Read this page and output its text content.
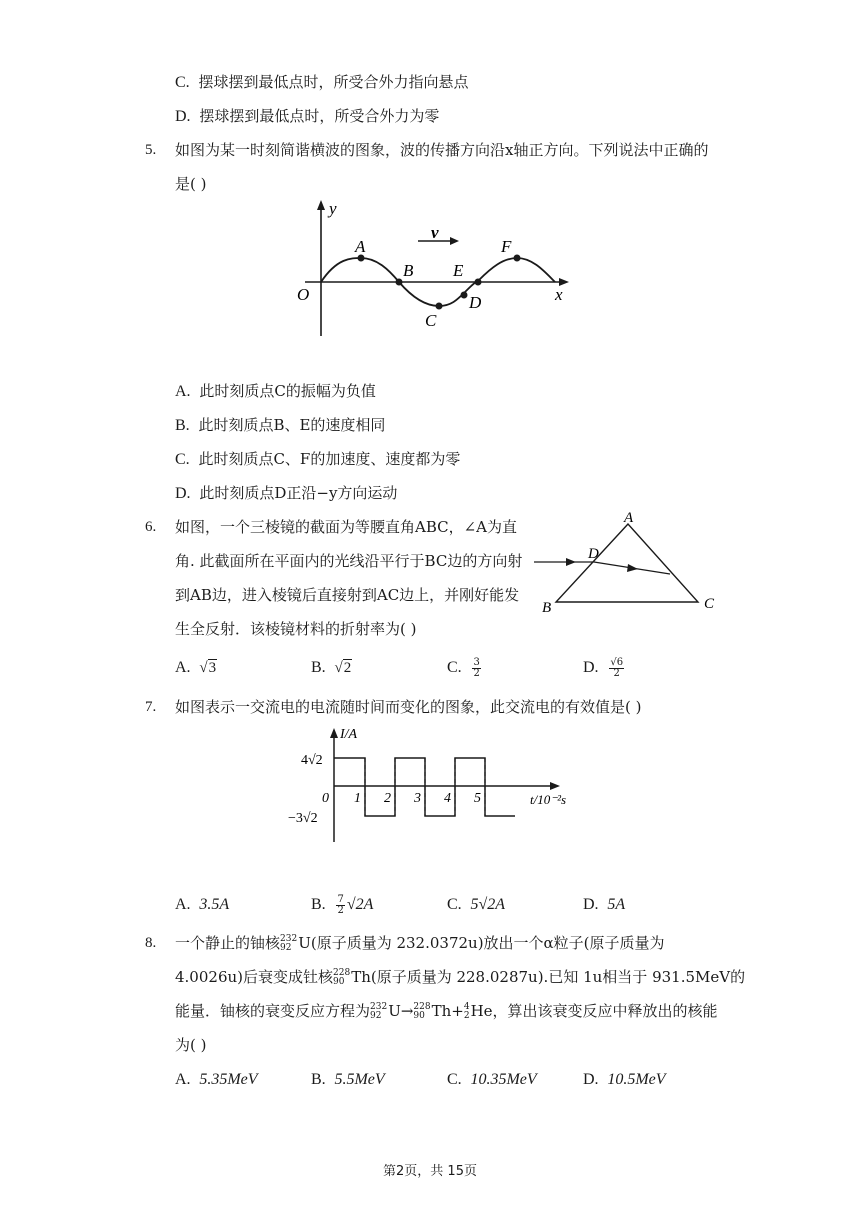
C. 摆球摆到最低点时，所受合外力指向悬点
D. 摆球摆到最低点时，所受合外力为零
5. 如图为某一时刻简谐横波的图象，波的传播方向沿x轴正方向。下列说法中正确的
是( )
y
x
O
v
A
B
C
D
E
F
A. 此时刻质点C的振幅为负值
B. 此时刻质点B、E的速度相同
C. 此时刻质点C、F的加速度、速度都为零
D. 此时刻质点D正沿−y方向运动
6. 如图，一个三棱镜的截面为等腰直角ABC，∠A为直
角. 此截面所在平面内的光线沿平行于BC边的方向射
到AB边，进入棱镜后直接射到AC边上，并刚好能发
生全反射．该棱镜材料的折射率为( )
A
B	C
D
A. √3	B. √2	C. $\frac{3}{2}$	D. $\frac{√6}{2}$
7. 如图表示一交流电的电流随时间而变化的图象，此交流电的有效值是( )
I/A
t/10⁻²s
0 1 2 3 4 5
4√2
−3√2
A. 3.5A	B. $\frac{7}{2} √2A$	C. 5√2A	D. 5A
8. 一个静止的铀核 232
92 U(原子质量为 232.0372u)放出一个α粒子(原子质量为
4.0026u)后衰变成钍核 228
90 Th(原子质量为 228.0287u).已知 1u相当于 931.5MeV的
能量．铀核的衰变反应方程为 232
92 U→ 228
90 Th+ 4
2 He，算出该衰变反应中释放出的核能
为( )
A. 5.35MeV	B. 5.5MeV	C. 10.35MeV	D. 10.5MeV
第2页，共 15页
